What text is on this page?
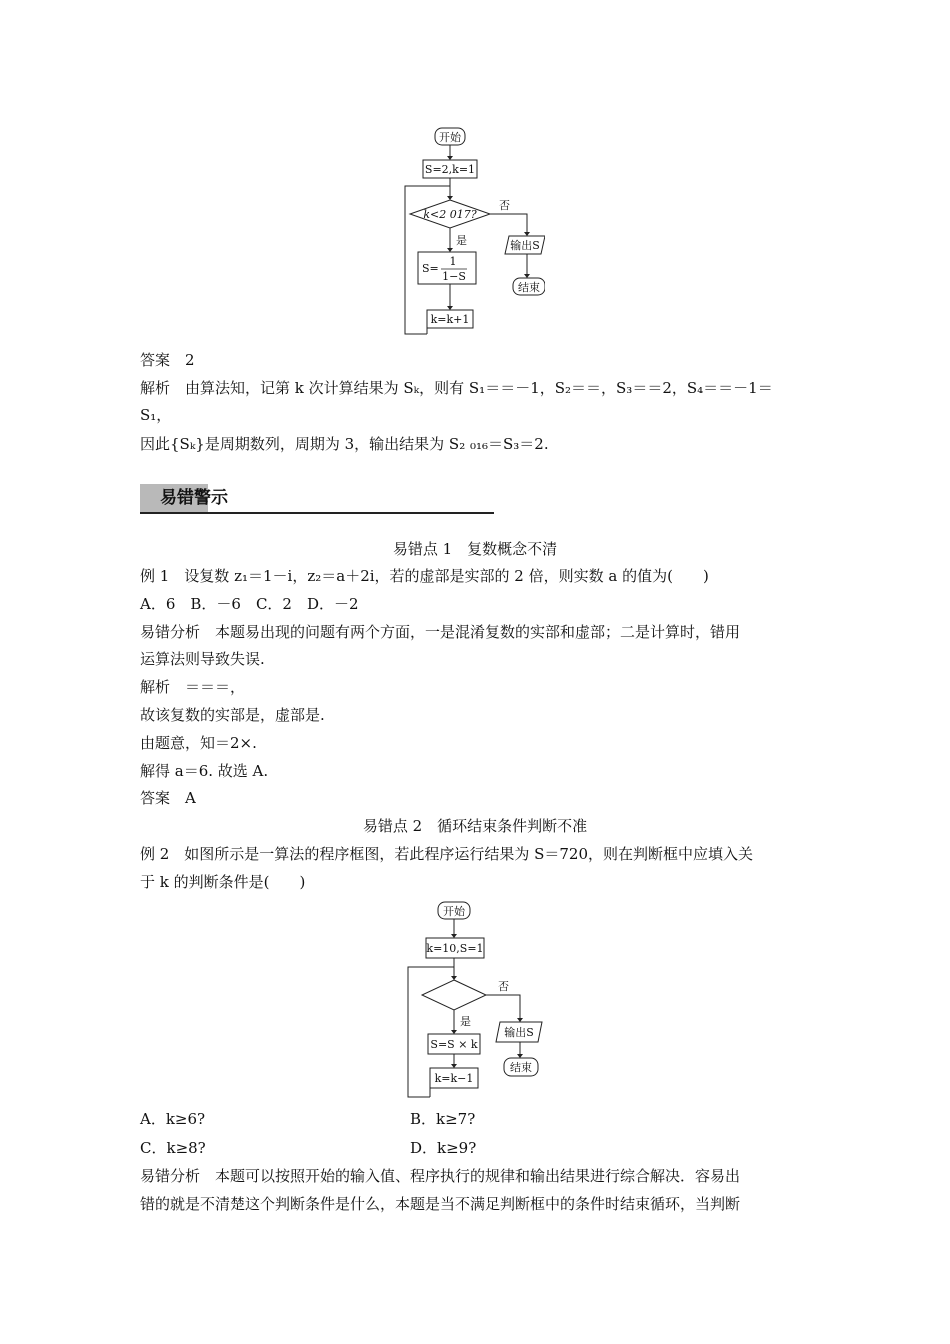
开始
S=2,k=1
k<2 017?
否
是
S=
1
1−S
k=k+1
输出S
结束
答案　2
解析　由算法知，记第 k 次计算结果为 Sₖ，则有 S₁＝＝－1，S₂＝＝，S₃＝＝2，S₄＝＝－1＝
S₁，
因此{Sₖ}是周期数列，周期为 3，输出结果为 S₂ ₀₁₆＝S₃＝2.
易错警示
易错点 1　复数概念不清
例 1　设复数 z₁＝1－i，z₂＝a＋2i，若的虚部是实部的 2 倍，则实数 a 的值为(　　)
A．6　B．－6　C．2　D．－2
易错分析　本题易出现的问题有两个方面，一是混淆复数的实部和虚部；二是计算时，错用
运算法则导致失误.
解析　＝＝＝，
故该复数的实部是，虚部是.
由题意，知＝2×.
解得 a＝6. 故选 A.
答案　A
易错点 2　循环结束条件判断不准
例 2　如图所示是一算法的程序框图，若此程序运行结果为 S＝720，则在判断框中应填入关
于 k 的判断条件是(　　)
开始
k=10,S=1
否
是
S=S × k
k=k−1
输出S
结束
A．k≥6?	B．k≥7?
C．k≥8?	D．k≥9?
易错分析　本题可以按照开始的输入值、程序执行的规律和输出结果进行综合解决．容易出
错的就是不清楚这个判断条件是什么，本题是当不满足判断框中的条件时结束循环，当判断
